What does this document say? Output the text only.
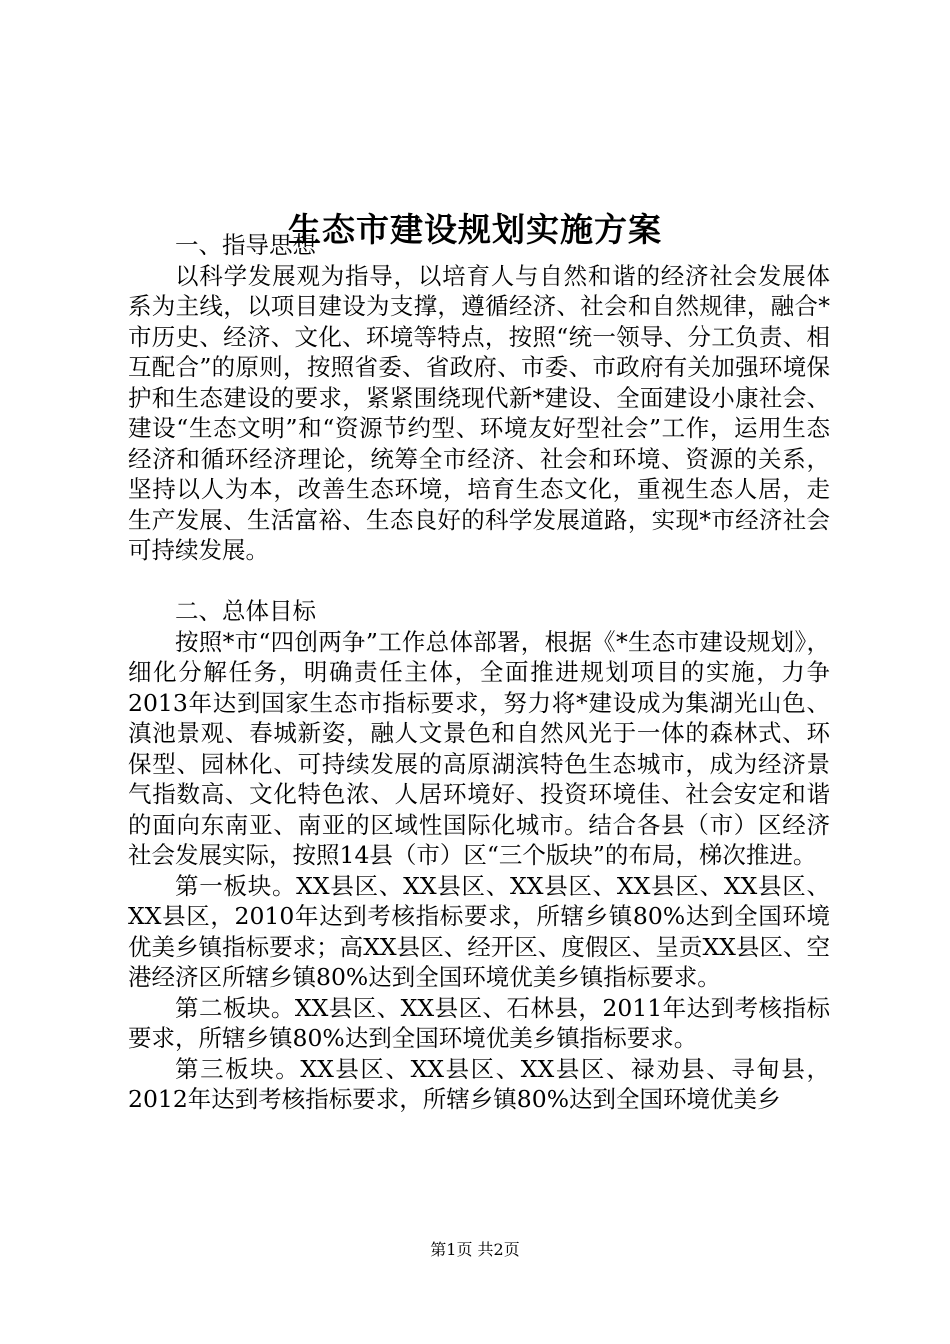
生态市建设规划实施方案

一、指导思想

以科学发展观为指导，以培育人与自然和谐的经济社会发展体系为主线，以项目建设为支撑，遵循经济、社会和自然规律，融合*市历史、经济、文化、环境等特点，按照“统一领导、分工负责、相互配合”的原则，按照省委、省政府、市委、市政府有关加强环境保护和生态建设的要求，紧紧围绕现代新*建设、全面建设小康社会、建设“生态文明”和“资源节约型、环境友好型社会”工作，运用生态经济和循环经济理论，统筹全市经济、社会和环境、资源的关系，坚持以人为本，改善生态环境，培育生态文化，重视生态人居，走生产发展、生活富裕、生态良好的科学发展道路，实现*市经济社会可持续发展。

二、总体目标

按照*市“四创两争”工作总体部署，根据《*生态市建设规划》，细化分解任务，明确责任主体，全面推进规划项目的实施，力争2013年达到国家生态市指标要求，努力将*建设成为集湖光山色、滇池景观、春城新姿，融人文景色和自然风光于一体的森林式、环保型、园林化、可持续发展的高原湖滨特色生态城市，成为经济景气指数高、文化特色浓、人居环境好、投资环境佳、社会安定和谐的面向东南亚、南亚的区域性国际化城市。结合各县（市）区经济社会发展实际，按照14县（市）区“三个版块”的布局，梯次推进。

第一板块。XX县区、XX县区、XX县区、XX县区、XX县区、XX县区，2010年达到考核指标要求，所辖乡镇80%达到全国环境优美乡镇指标要求；高XX县区、经开区、度假区、呈贡XX县区、空港经济区所辖乡镇80%达到全国环境优美乡镇指标要求。

第二板块。XX县区、XX县区、石林县，2011年达到考核指标要求，所辖乡镇80%达到全国环境优美乡镇指标要求。

第三板块。XX县区、XX县区、XX县区、禄劝县、寻甸县，2012年达到考核指标要求，所辖乡镇80%达到全国环境优美乡

第1页 共2页
